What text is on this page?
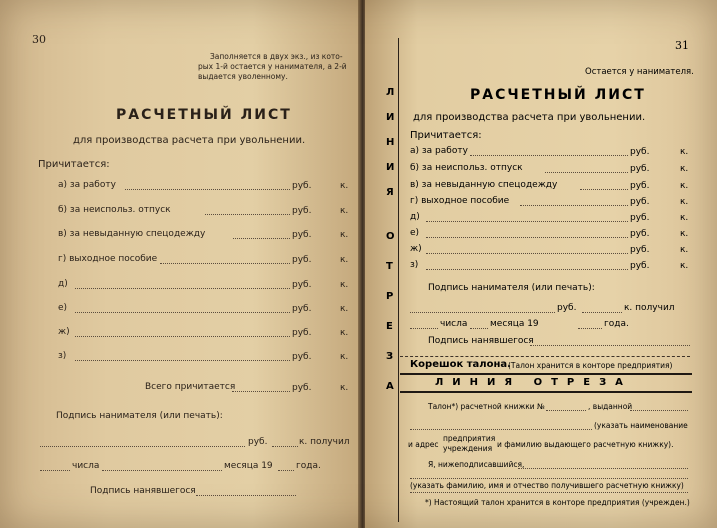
30
Заполняется в двух экз., из кото-
рых 1-й остается у нанимателя, а 2-й
выдается уволенному.
РАСЧЕТНЫЙ ЛИСТ
для производства расчета при увольнении.
Причитается:
а) за работу	руб.	к.
б) за неиспольз. отпуск	руб.	к.
в) за невыданную спецодежду	руб.	к.
г) выходное пособие	руб.	к.
д)	руб.	к.
е)	руб.	к.
ж)	руб.	к.
з)	руб.	к.
Всего причитается	руб.	к.
Подпись нанимателя (или печать):
руб.	к. получил
числа	месяца 19	года.
Подпись нанявшегося
31
Остается у нанимателя.
РАСЧЕТНЫЙ ЛИСТ
для производства расчета при увольнении.
Причитается:
Л
И
Н
И
Я
О
Т
Р
Е
З
А
а) за работу	руб.	к.
б) за неиспольз. отпуск	руб.	к.
в) за невыданную спецодежду	руб.	к.
г) выходное пособие	руб.	к.
д)	руб.	к.
е)	руб.	к.
ж)	руб.	к.
з)	руб.	к.
Подпись нанимателя (или печать):
руб.	к. получил
числа	месяца 19	года.
Подпись нанявшегося
Корешок талона.
(Талон хранится в конторе предприятия)
ЛИНИЯ ОТРЕЗА
Талон*) расчетной книжки №	, выданной
(указать наименование
и адрес
предприятия
учреждения и фамилию выдающего расчетную книжку).
Я, нижеподписавшийся,
(указать фамилию, имя и отчество получившего расчетную книжку)
*) Настоящий талон хранится в конторе предприятия (учрежден.)
